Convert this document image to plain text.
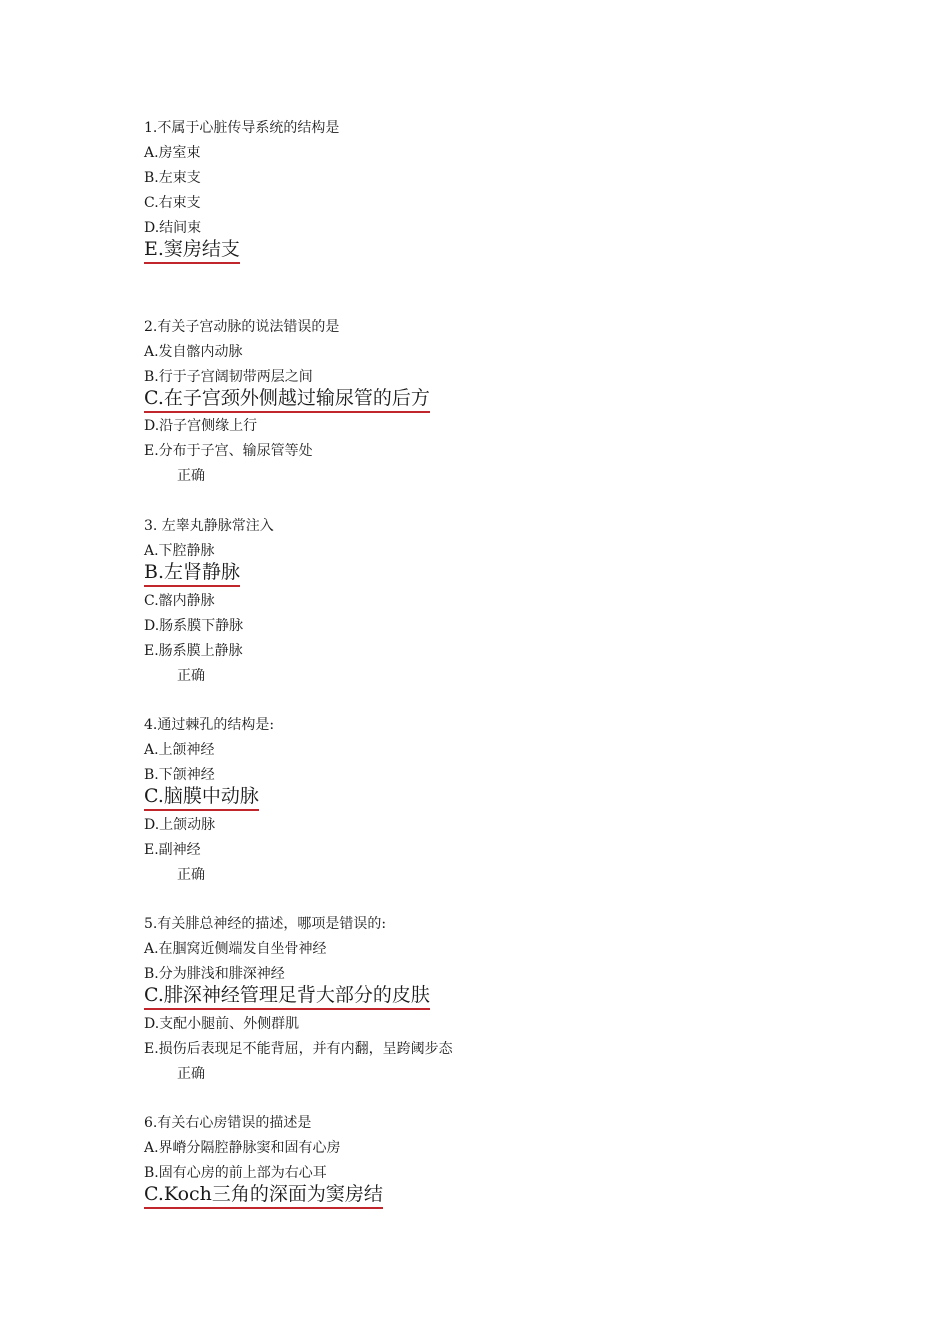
1.不属于心脏传导系统的结构是
A.房室束
B.左束支
C.右束支
D.结间束
E.窦房结支
2.有关子宫动脉的说法错误的是
A.发自髂内动脉
B.行于子宫阔韧带两层之间
C.在子宫颈外侧越过输尿管的后方
D.沿子宫侧缘上行
E.分布于子宫、输尿管等处
正确
3. 左睾丸静脉常注入
A.下腔静脉
B.左肾静脉
C.髂内静脉
D.肠系膜下静脉
E.肠系膜上静脉
正确
4.通过棘孔的结构是:
A.上颌神经
B.下颌神经
C.脑膜中动脉
D.上颌动脉
E.副神经
正确
5.有关腓总神经的描述，哪项是错误的:
A.在腘窝近侧端发自坐骨神经
B.分为腓浅和腓深神经
C.腓深神经管理足背大部分的皮肤
D.支配小腿前、外侧群肌
E.损伤后表现足不能背屈，并有内翻，呈跨阈步态
正确
6.有关右心房错误的描述是
A.界嵴分隔腔静脉窦和固有心房
B.固有心房的前上部为右心耳
C.Koch三角的深面为窦房结
